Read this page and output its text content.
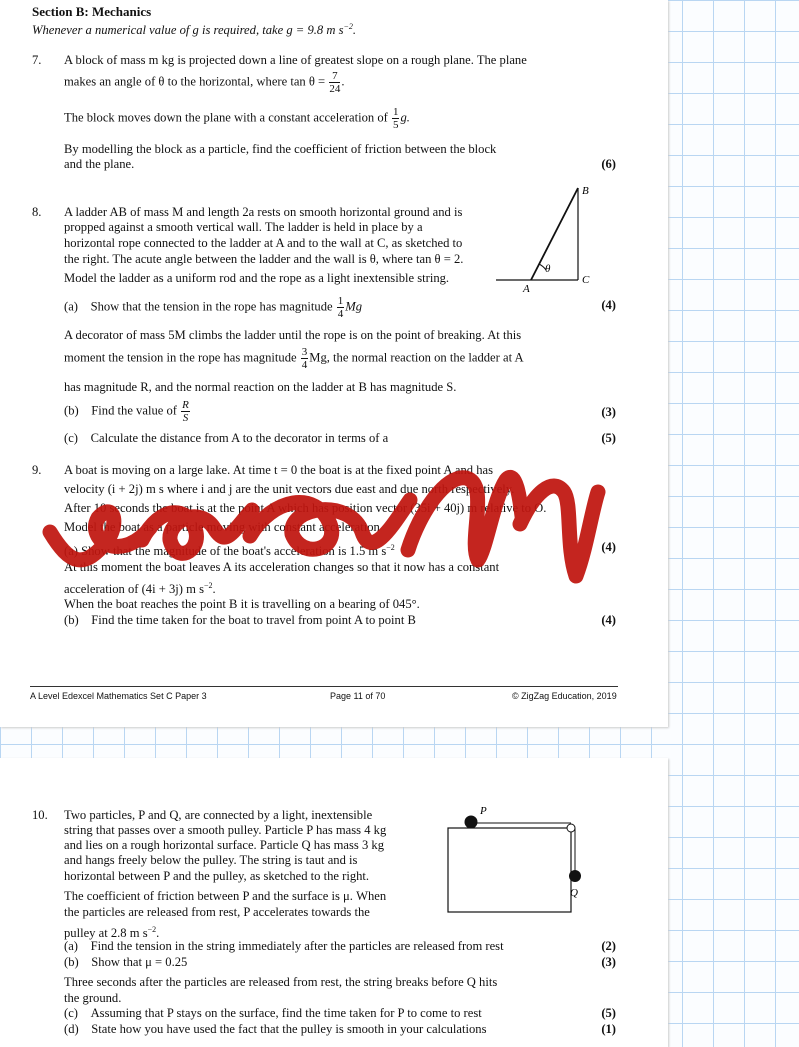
Section B: Mechanics
Whenever a numerical value of g is required, take g = 9.8 m $s^{-2}$.
7. A block of mass m kg is projected down a line of greatest slope on a rough plane. The plane
makes an angle of θ to the horizontal, where $\tan \theta = \frac{7}{24}$ .
The block moves down the plane with a constant acceleration of $\frac{1}{5} g$.
By modelling the block as a particle, find the coefficient of friction between the block
and the plane.	(6)
8. A ladder AB of mass M and length 2a rests on smooth horizontal ground and is
propped against a smooth vertical wall. The ladder is held in place by a
horizontal rope connected to the ladder at A and to the wall at C, as sketched to
the right. The acute angle between the ladder and the wall is θ, where tan θ = 2.
Model the ladder as a uniform rod and the rope as a light inextensible string.
B
A
C
θ
(a) Show that the tension in the rope has magnitude $\frac{1}{4}$ Mg	(4)
A decorator of mass 5M climbs the ladder until the rope is on the point of breaking. At this
moment the tension in the rope has magnitude $\frac{3}{4} Mg$, the normal reaction on the ladder at A
has magnitude R, and the normal reaction on the ladder at B has magnitude S.
(b) Find the value of $\frac{R}{S}$	(3)
(c) Calculate the distance from A to the decorator in terms of a	(5)
9. A boat is moving on a large lake. At time t = 0 the boat is at the fixed point A and has
velocity (i + 2j) m s where i and j are the unit vectors due east and due north respectively.
After 10 seconds the boat is at the point A which has position vector (35i + 40j) m relative to O.
Model the boat as a particle moving with constant acceleration
(a) Show that the magnitude of the boat's acceleration is 1.5 m $s^{-2}$	(4)
At this moment the boat leaves A its acceleration changes so that it now has a constant
acceleration of (4i + 3j) m $s^{-2}$.
When the boat reaches the point B it is travelling on a bearing of 045°.
(b) Find the time taken for the boat to travel from point A to point B	(4)
A Level Edexcel Mathematics Set C Paper 3	Page 11 of 70	© ZigZag Education, 2019
10. Two particles, P and Q, are connected by a light, inextensible
string that passes over a smooth pulley. Particle P has mass 4 kg
and lies on a rough horizontal surface. Particle Q has mass 3 kg
and hangs freely below the pulley. The string is taut and is
horizontal between P and the pulley, as sketched to the right.
The coefficient of friction between P and the surface is μ. When
the particles are released from rest, P accelerates towards the
pulley at 2.8 m $s^{-2}$.
(a) Find the tension in the string immediately after the particles are released from rest	(2)
(b) Show that μ = 0.25	(3)
Three seconds after the particles are released from rest, the string breaks before Q hits
the ground.
(c) Assuming that P stays on the surface, find the time taken for P to come to rest	(5)
(d) State how you have used the fact that the pulley is smooth in your calculations	(1)
P
Q
